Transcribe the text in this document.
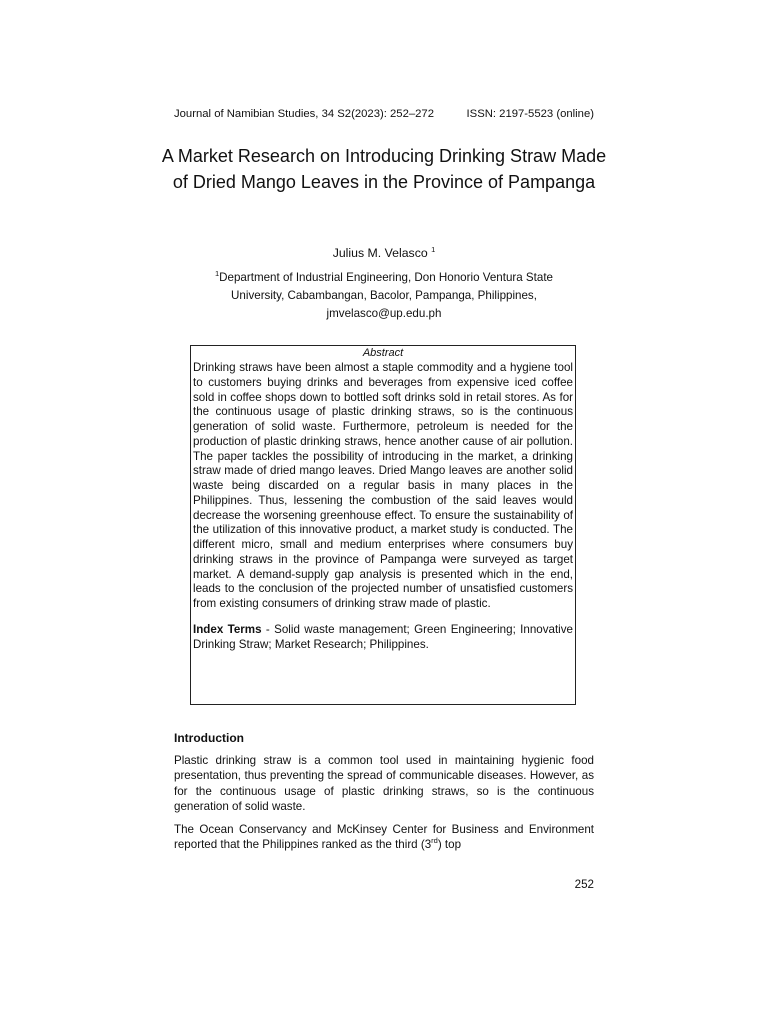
Journal of Namibian Studies, 34 S2(2023): 252–272	ISSN: 2197-5523 (online)
A Market Research on Introducing Drinking Straw Made of Dried Mango Leaves in the Province of Pampanga
Julius M. Velasco $^1$
$^1$Department of Industrial Engineering, Don Honorio Ventura State
University, Cabambangan, Bacolor, Pampanga, Philippines,
jmvelasco@up.edu.ph
Abstract

Drinking straws have been almost a staple commodity and a hygiene tool to customers buying drinks and beverages from expensive iced coffee sold in coffee shops down to bottled soft drinks sold in retail stores. As for the continuous usage of plastic drinking straws, so is the continuous generation of solid waste. Furthermore, petroleum is needed for the production of plastic drinking straws, hence another cause of air pollution. The paper tackles the possibility of introducing in the market, a drinking straw made of dried mango leaves. Dried Mango leaves are another solid waste being discarded on a regular basis in many places in the Philippines. Thus, lessening the combustion of the said leaves would decrease the worsening greenhouse effect. To ensure the sustainability of the utilization of this innovative product, a market study is conducted. The different micro, small and medium enterprises where consumers buy drinking straws in the province of Pampanga were surveyed as target market. A demand-supply gap analysis is presented which in the end, leads to the conclusion of the projected number of unsatisfied customers from existing consumers of drinking straw made of plastic.

Index Terms - Solid waste management; Green Engineering; Innovative Drinking Straw; Market Research; Philippines.

Introduction

Plastic drinking straw is a common tool used in maintaining hygienic food presentation, thus preventing the spread of communicable diseases. However, as for the continuous usage of plastic drinking straws, so is the continuous generation of solid waste.

The Ocean Conservancy and McKinsey Center for Business and Environment reported that the Philippines ranked as the third (3rd) top

252
